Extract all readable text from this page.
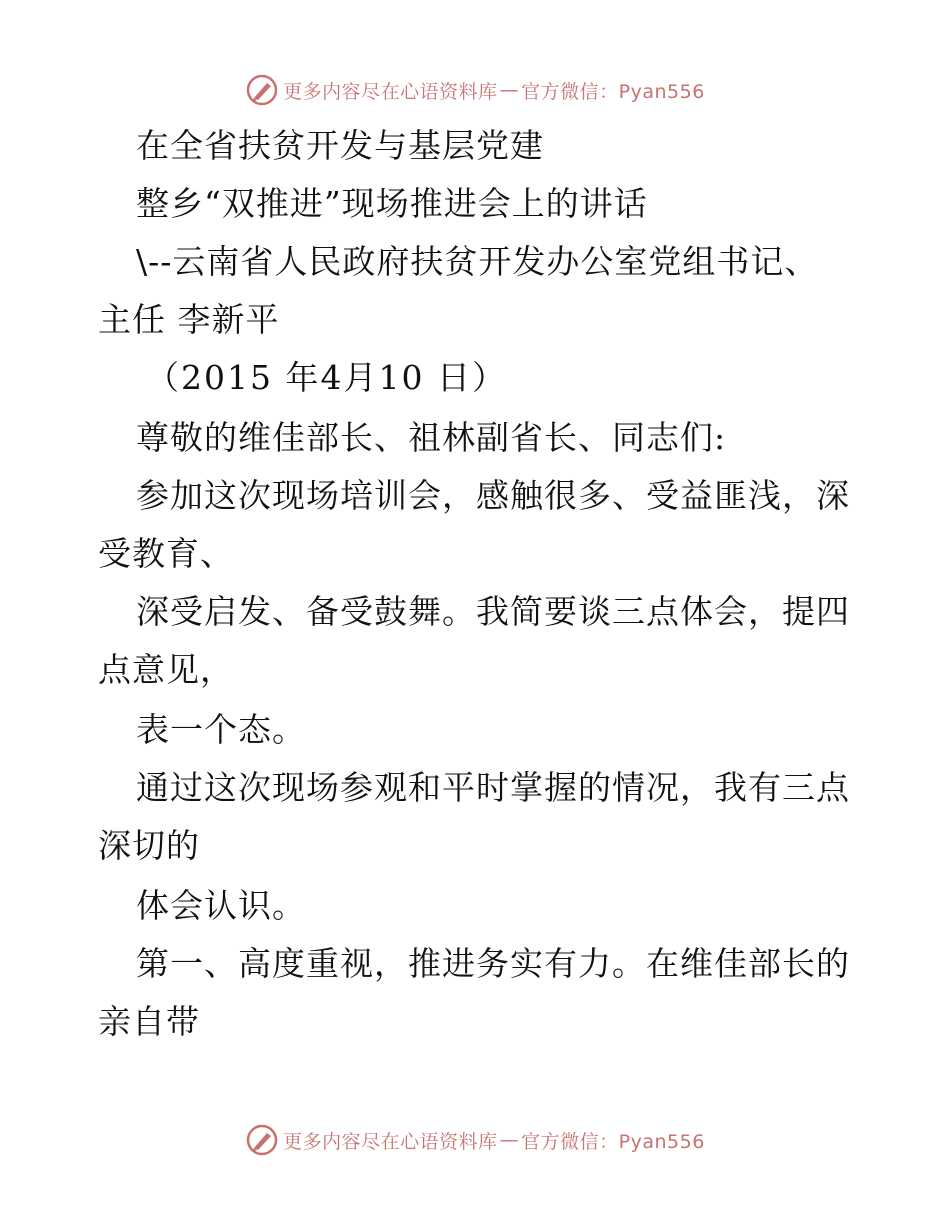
更多内容尽在心语资料库 — 官方微信：Pyan556
在全省扶贫开发与基层党建
整乡“双推进”现场推进会上的讲话
\--云南省人民政府扶贫开发办公室党组书记、
主任 李新平
（2015 年4月10 日）
尊敬的维佳部长、祖林副省长、同志们:
参加这次现场培训会，感触很多、受益匪浅，深
受教育、
深受启发、备受鼓舞。我简要谈三点体会，提四
点意见，
表一个态。
通过这次现场参观和平时掌握的情况，我有三点
深切的
体会认识。
第一、高度重视，推进务实有力。在维佳部长的
亲自带
更多内容尽在心语资料库 — 官方微信：Pyan556
